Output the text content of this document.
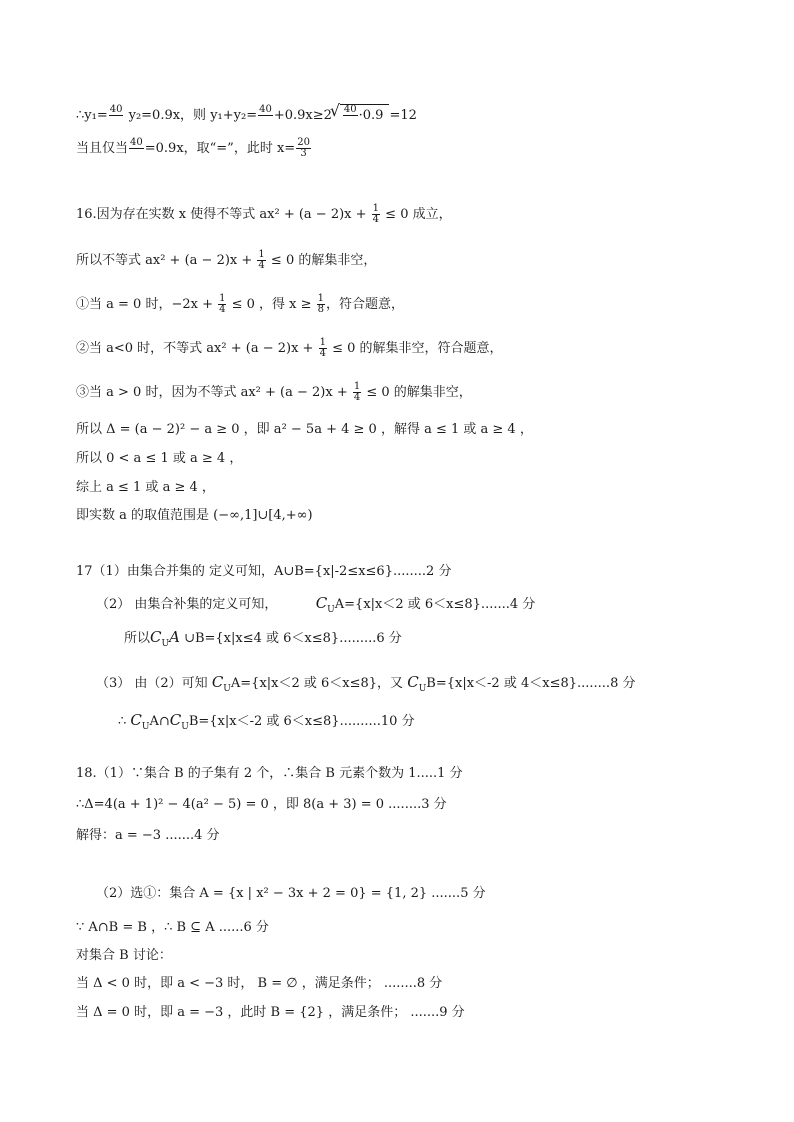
∴y₁= 40
y₂=0.9x，则 y₁+y₂= 40
+0.9x≥2
√ 40
·0.9 =12
当且仅当 40
=0.9x，取“=”，此时 $x= \frac{20}{3}$
16.因为存在实数 x 使得不等式 $ax^2 + (a - 2)x + \frac{1}{4} \le 0$ 成立，
所以不等式 $ax^2 + (a - 2)x + \frac{1}{4} \le 0$ 的解集非空，
①当 a = 0 时，$-2x + \frac{1}{4} \le 0$ ，得 $x \ge \frac{1}{8}$ ，符合题意，
②当 a<0 时，不等式 $ax^2 + (a - 2)x + \frac{1}{4} \le 0$ 的解集非空，符合题意，
③当 a > 0 时，因为不等式 $ax^2 + (a - 2)x + \frac{1}{4} \le 0$ 的解集非空，
所以 Δ = (a − 2)² − a ≥ 0 ，即 a² − 5a + 4 ≥ 0 ，解得 a ≤ 1 或 a ≥ 4 ，
所以 0 < a ≤ 1 或 a ≥ 4 ，
综上 a ≤ 1 或 a ≥ 4 ，
即实数 a 的取值范围是 (−∞,1]∪[4,+∞)
17（1）由集合并集的 定义可知，A∪B={x|-2≤x≤6}........2 分
（2） 由集合补集的定义可知，	$C_UA=\{x|x<2$ 或 6＜x≤8}.......4 分
所以$C_UA$ ∪B={x|x≤4 或 6＜x≤8}.........6 分
（3） 由（2）可知 $C_UA=\{x|x<2$ 或 6＜x≤8}，又 $C_UB=\{x|x<-2$ 或 4＜x≤8}........8 分
∴ $C_UA\cap C_UB=\{x|x<-2$ 或 6＜x≤8}..........10 分
18.（1）∵集合 B 的子集有 2 个，∴集合 B 元素个数为 1.....1 分
∴Δ=4(a + 1)² − 4(a² − 5) = 0 ，即 8(a + 3) = 0 ........3 分
解得：a = −3 .......4 分
（2）选①：集合 A = {x | x² − 3x + 2 = 0} = {1, 2} .......5 分
∵ A∩B = B ，∴ B ⊆ A ......6 分
对集合 B 讨论：
当 Δ < 0 时，即 a < −3 时， B = ∅ ，满足条件； ........8 分
当 Δ = 0 时，即 a = −3 ，此时 B = {2} ，满足条件； .......9 分
